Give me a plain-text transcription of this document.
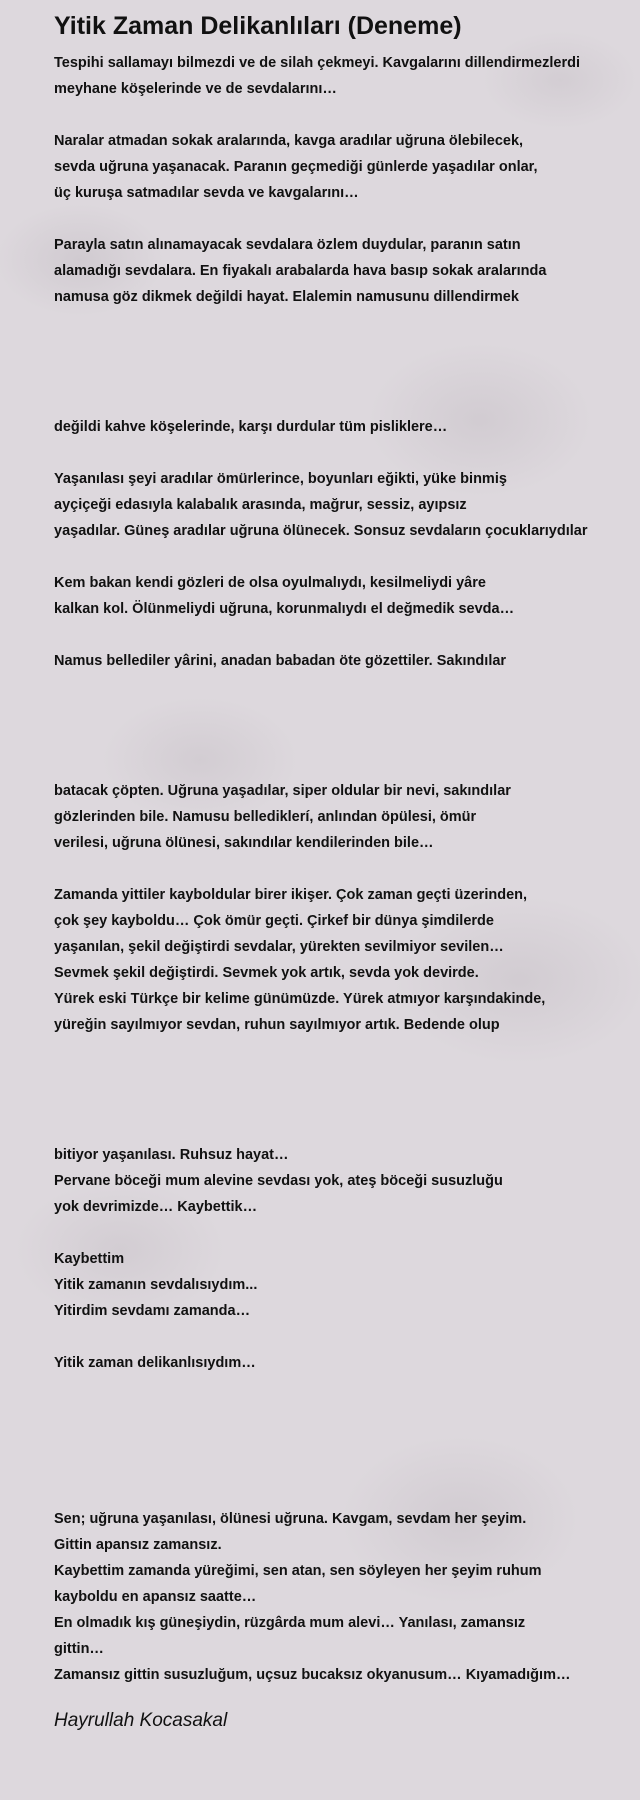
Yitik Zaman Delikanlıları (Deneme)
Tespihi sallamayı bilmezdi ve de silah çekmeyi. Kavgalarını dillendirmezlerdi
meyhane köşelerinde ve de sevdalarını…
Naralar atmadan sokak aralarında, kavga aradılar uğruna ölebilecek,
sevda uğruna yaşanacak. Paranın geçmediği günlerde yaşadılar onlar,
üç kuruşa satmadılar sevda ve kavgalarını…
Parayla satın alınamayacak sevdalara özlem duydular, paranın satın
alamadığı sevdalara. En fiyakalı arabalarda hava basıp sokak aralarında
namusa göz dikmek değildi hayat. Elalemin namusunu dillendirmek
değildi kahve köşelerinde, karşı durdular tüm pisliklere…
Yaşanılası şeyi aradılar ömürlerince, boyunları eğikti, yüke binmiş
ayçiçeği edasıyla kalabalık arasında, mağrur, sessiz, ayıpsız
yaşadılar. Güneş aradılar uğruna ölünecek. Sonsuz sevdaların çocuklarıydılar
Kem bakan kendi gözleri de olsa oyulmalıydı, kesilmeliydi yâre
kalkan kol. Ölünmeliydi uğruna, korunmalıydı el değmedik sevda…
Namus bellediler yârini, anadan babadan öte gözettiler. Sakındılar
batacak çöpten. Uğruna yaşadılar, siper oldular bir nevi, sakındılar
gözlerinden bile. Namusu bellediklerí, anlından öpülesi, ömür
verilesi, uğruna ölünesi, sakındılar kendilerinden bile…
Zamanda yittiler kayboldular birer ikişer. Çok zaman geçti üzerinden,
çok şey kayboldu… Çok ömür geçti. Çirkef bir dünya şimdilerde
yaşanılan, şekil değiştirdi sevdalar, yürekten sevilmiyor sevilen…
Sevmek şekil değiştirdi. Sevmek yok artık, sevda yok devirde.
Yürek eski Türkçe bir kelime günümüzde. Yürek atmıyor karşındakinde,
yüreğin sayılmıyor sevdan, ruhun sayılmıyor artık. Bedende olup
bitiyor yaşanılası. Ruhsuz hayat…
Pervane böceği mum alevine sevdası yok, ateş böceği susuzluğu
yok devrimizde… Kaybettik…
Kaybettim
Yitik zamanın sevdalısıydım...
Yitirdim sevdamı zamanda…
Yitik zaman delikanlısıydım…
Sen; uğruna yaşanılası, ölünesi uğruna. Kavgam, sevdam her şeyim.
Gittin apansız zamansız.
Kaybettim zamanda yüreğimi, sen atan, sen söyleyen her şeyim ruhum
kayboldu en apansız saatte…
En olmadık kış güneşiydin, rüzgârda mum alevi… Yanılası, zamansız
gittin…
Zamansız gittin susuzluğum, uçsuz bucaksız okyanusum… Kıyamadığım…
Hayrullah Kocasakal
